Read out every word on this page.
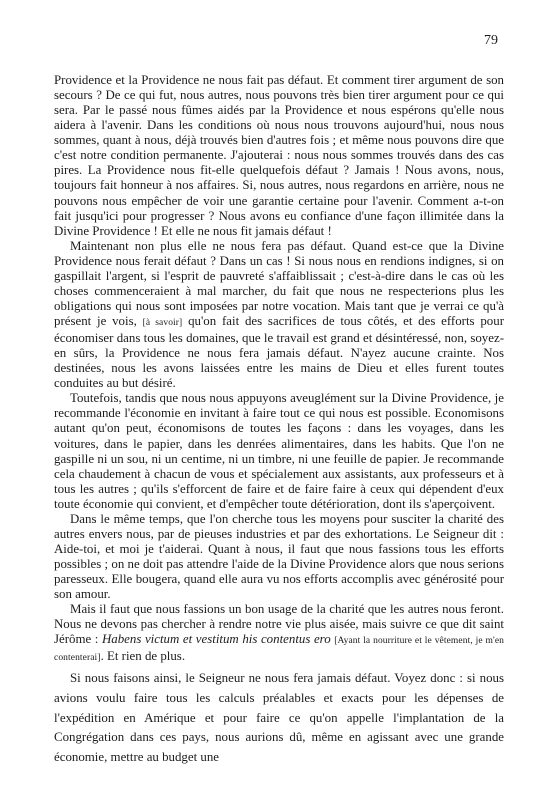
79

Providence et la Providence ne nous fait pas défaut. Et comment tirer argument de son secours ? De ce qui fut, nous autres, nous pouvons très bien tirer argument pour ce qui sera. Par le passé nous fûmes aidés par la Providence et nous espérons qu'elle nous aidera à l'avenir. Dans les conditions où nous nous trouvons aujourd'hui, nous nous sommes, quant à nous, déjà trouvés bien d'autres fois ; et même nous pouvons dire que c'est notre condition permanente. J'ajouterai : nous nous sommes trouvés dans des cas pires. La Providence nous fit-elle quelquefois défaut ? Jamais ! Nous avons, nous, toujours fait honneur à nos affaires. Si, nous autres, nous regardons en arrière, nous ne pouvons nous empêcher de voir une garantie certaine pour l'avenir. Comment a-t-on fait jusqu'ici pour progresser ? Nous avons eu confiance d'une façon illimitée dans la Divine Providence ! Et elle ne nous fit jamais défaut !

Maintenant non plus elle ne nous fera pas défaut. Quand est-ce que la Divine Providence nous ferait défaut ? Dans un cas ! Si nous nous en rendions indignes, si on gaspillait l'argent, si l'esprit de pauvreté s'affaiblissait ; c'est-à-dire dans le cas où les choses commenceraient à mal marcher, du fait que nous ne respecterions plus les obligations qui nous sont imposées par notre vocation. Mais tant que je verrai ce qu'à présent je vois, [à savoir] qu'on fait des sacrifices de tous côtés, et des efforts pour économiser dans tous les domaines, que le travail est grand et désintéressé, non, soyez-en sûrs, la Providence ne nous fera jamais défaut. N'ayez aucune crainte. Nos destinées, nous les avons laissées entre les mains de Dieu et elles furent toutes conduites au but désiré.

Toutefois, tandis que nous nous appuyons aveuglément sur la Divine Providence, je recommande l'économie en invitant à faire tout ce qui nous est possible. Economisons autant qu'on peut, économisons de toutes les façons : dans les voyages, dans les voitures, dans le papier, dans les denrées alimentaires, dans les habits. Que l'on ne gaspille ni un sou, ni un centime, ni un timbre, ni une feuille de papier. Je recommande cela chaudement à chacun de vous et spécialement aux assistants, aux professeurs et à tous les autres ; qu'ils s'efforcent de faire et de faire faire à ceux qui dépendent d'eux toute économie qui convient, et d'empêcher toute détérioration, dont ils s'aperçoivent.

Dans le même temps, que l'on cherche tous les moyens pour susciter la charité des autres envers nous, par de pieuses industries et par des exhortations. Le Seigneur dit : Aide-toi, et moi je t'aiderai. Quant à nous, il faut que nous fassions tous les efforts possibles ; on ne doit pas attendre l'aide de la Divine Providence alors que nous serions paresseux. Elle bougera, quand elle aura vu nos efforts accomplis avec générosité pour son amour.

Mais il faut que nous fassions un bon usage de la charité que les autres nous feront. Nous ne devons pas chercher à rendre notre vie plus aisée, mais suivre ce que dit saint Jérôme : Habens victum et vestitum his contentus ero [Ayant la nourriture et le vêtement, je m'en contenterai]. Et rien de plus.

Si nous faisons ainsi, le Seigneur ne nous fera jamais défaut. Voyez donc : si nous avions voulu faire tous les calculs préalables et exacts pour les dépenses de l'expédition en Amérique et pour faire ce qu'on appelle l'implantation de la Congrégation dans ces pays, nous aurions dû, même en agissant avec une grande économie, mettre au budget une
